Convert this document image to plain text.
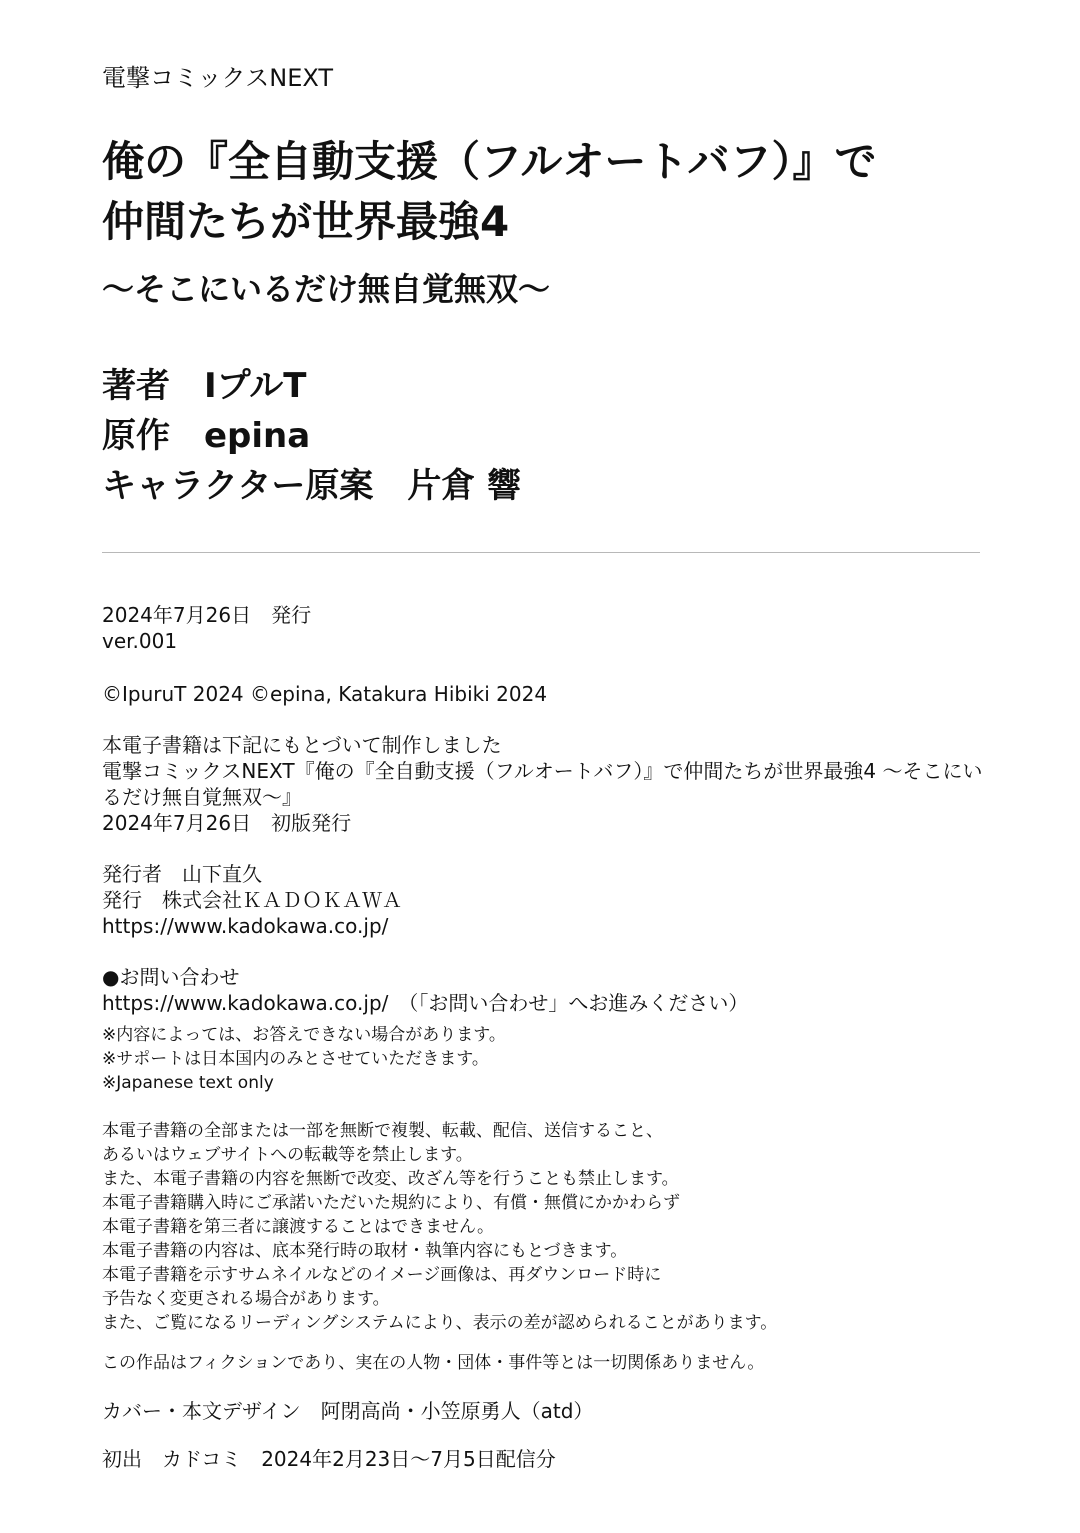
電撃コミックスNEXT
俺の『全自動支援（フルオートバフ）』で
仲間たちが世界最強4
〜そこにいるだけ無自覚無双〜
著者 IプルT
原作 epina
キャラクター原案 片倉 響
2024年7月26日　発行
ver.001
©IpuruT 2024 ©epina, Katakura Hibiki 2024
本電子書籍は下記にもとづいて制作しました
電撃コミックスNEXT『俺の『全自動支援（フルオートバフ）』で仲間たちが世界最強4 〜そこにい
るだけ無自覚無双〜』
2024年7月26日　初版発行
発行者　山下直久
発行　株式会社ＫＡＤＯＫＡＷＡ
https://www.kadokawa.co.jp/
●お問い合わせ
https://www.kadokawa.co.jp/　（「お問い合わせ」へお進みください）
※内容によっては、お答えできない場合があります。
※サポートは日本国内のみとさせていただきます。
※Japanese text only
本電子書籍の全部または一部を無断で複製、転載、配信、送信すること、
あるいはウェブサイトへの転載等を禁止します。
また、本電子書籍の内容を無断で改変、改ざん等を行うことも禁止します。
本電子書籍購入時にご承諾いただいた規約により、有償・無償にかかわらず
本電子書籍を第三者に譲渡することはできません。
本電子書籍の内容は、底本発行時の取材・執筆内容にもとづきます。
本電子書籍を示すサムネイルなどのイメージ画像は、再ダウンロード時に
予告なく変更される場合があります。
また、ご覧になるリーディングシステムにより、表示の差が認められることがあります。
この作品はフィクションであり、実在の人物・団体・事件等とは一切関係ありません。
カバー・本文デザイン　阿閉高尚・小笠原勇人（atd）
初出　カドコミ　2024年2月23日〜7月5日配信分
